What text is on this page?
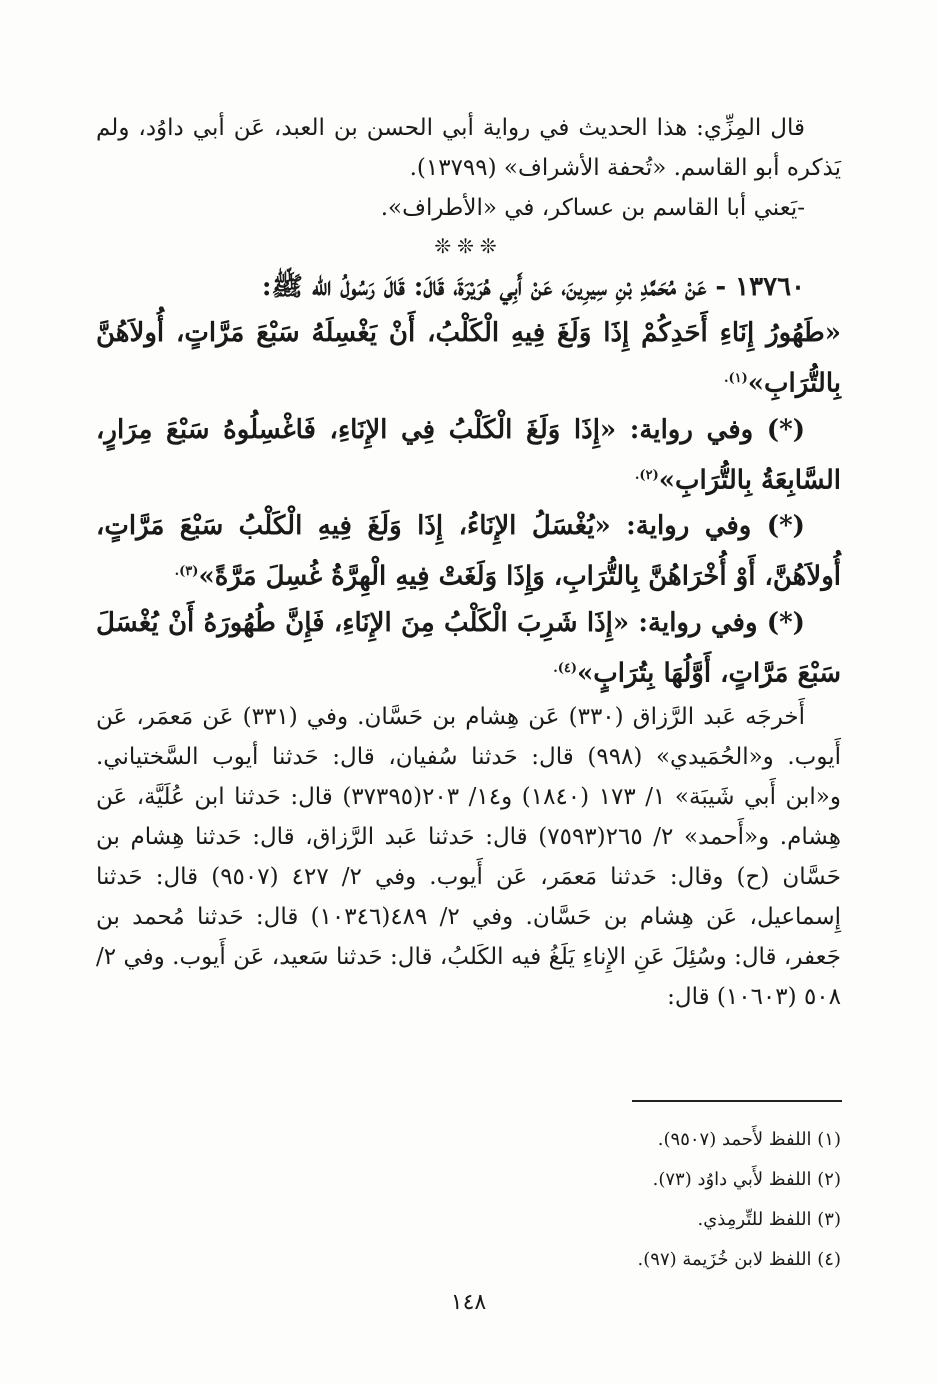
قال المِزِّي: هذا الحديث في رواية أبي الحسن بن العبد، عَن أبي داوُد، ولم يَذكره أبو القاسم. «تُحفة الأشراف» (١٣٧٩٩).

-يَعني أبا القاسم بن عساكر، في «الأطراف».

❊❊❊

١٣٧٦٠ - عَنْ مُحَمَّدِ بْنِ سِيرِينَ، عَنْ أَبِي هُرَيْرَةَ، قَالَ: قَالَ رَسُولُ الله ﷺ:

«طَهُورُ إِنَاءِ أَحَدِكُمْ إِذَا وَلَغَ فِيهِ الْكَلْبُ، أَنْ يَغْسِلَهُ سَبْعَ مَرَّاتٍ، أُولاَهُنَّ بِالتُّرَابِ»$^{(١).}$

(*) وفي رواية: «إِذَا وَلَغَ الْكَلْبُ فِي الإِنَاءِ، فَاغْسِلُوهُ سَبْعَ مِرَارٍ، السَّابِعَةُ بِالتُّرَابِ»$^{(٢).}$

(*) وفي رواية: «يُغْسَلُ الإِنَاءُ، إِذَا وَلَغَ فِيهِ الْكَلْبُ سَبْعَ مَرَّاتٍ، أُولاَهُنَّ، أَوْ أُخْرَاهُنَّ بِالتُّرَابِ، وَإِذَا وَلَغَتْ فِيهِ الْهِرَّةُ غُسِلَ مَرَّةً»$^{(٣).}$

(*) وفي رواية: «إِذَا شَرِبَ الْكَلْبُ مِنَ الإِنَاءِ، فَإِنَّ طُهُورَهُ أَنْ يُغْسَلَ سَبْعَ مَرَّاتٍ، أَوَّلُهَا بِتُرَابٍ»$^{(٤).}$

أَخرجَه عَبد الرَّزاق (٣٣٠) عَن هِشام بن حَسَّان. وفي (٣٣١) عَن مَعمَر، عَن أَيوب. و«الحُمَيدي» (٩٩٨) قال: حَدثنا سُفيان، قال: حَدثنا أيوب السَّختياني. و«ابن أَبي شَيبَة» ١/ ١٧٣ (١٨٤٠) و١٤/ ٢٠٣(٣٧٣٩٥) قال: حَدثنا ابن عُلَيَّة، عَن هِشام. و«أَحمد» ٢/ ٢٦٥(٧٥٩٣) قال: حَدثنا عَبد الرَّزاق، قال: حَدثنا هِشام بن حَسَّان (ح) وقال: حَدثنا مَعمَر، عَن أَيوب. وفي ٢/ ٤٢٧ (٩٥٠٧) قال: حَدثنا إِسماعيل، عَن هِشام بن حَسَّان. وفي ٢/ ٤٨٩(١٠٣٤٦) قال: حَدثنا مُحمد بن جَعفر، قال: وسُئِلَ عَنِ الإِناءِ يَلَغُ فيه الكَلبُ، قال: حَدثنا سَعيد، عَن أَيوب. وفي ٢/ ٥٠٨ (١٠٦٠٣) قال:

(١) اللفظ لأَحمد (٩٥٠٧).
(٢) اللفظ لأَبي داوُد (٧٣).
(٣) اللفظ للتِّرمِذي.
(٤) اللفظ لابن خُزَيمة (٩٧).
١٤٨
